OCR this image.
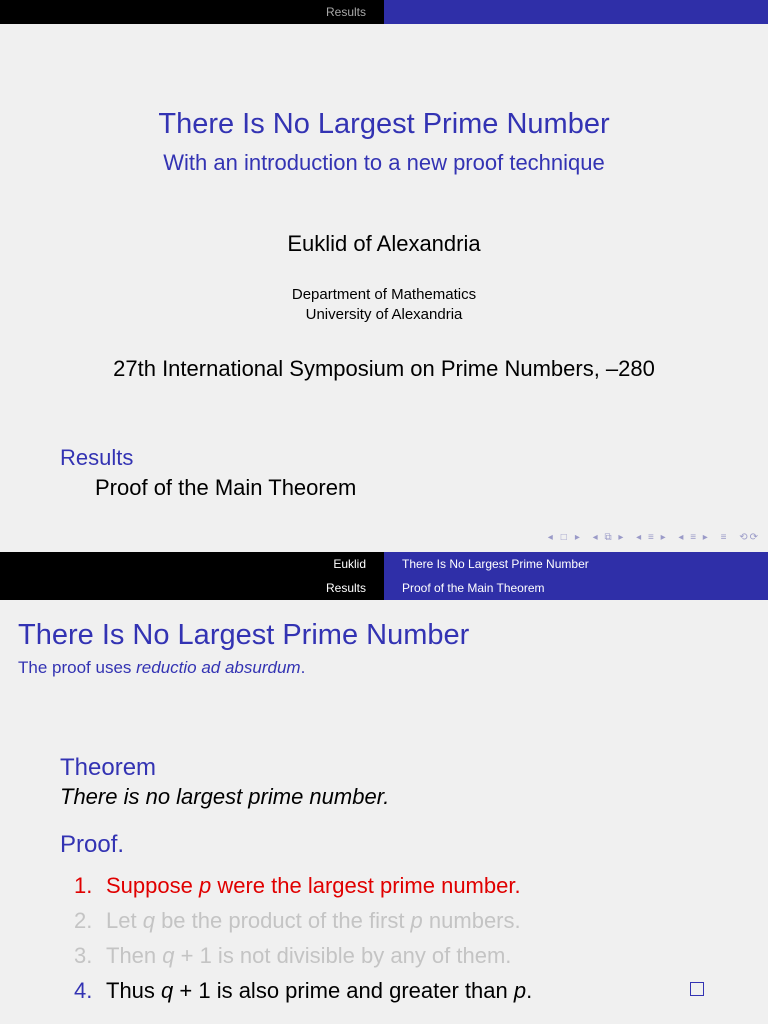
Results
There Is No Largest Prime Number
With an introduction to a new proof technique
Euklid of Alexandria
Department of Mathematics
University of Alexandria
27th International Symposium on Prime Numbers, –280
Results
Proof of the Main Theorem
◂ □ ▸ ◂ ⧉ ▸ ◂ ≡ ▸ ◂ ≡ ▸ ≡ ⟲⟳
Euklid
Results
There Is No Largest Prime Number
Proof of the Main Theorem
There Is No Largest Prime Number
The proof uses reductio ad absurdum.
Theorem
There is no largest prime number.
Proof.
1. Suppose p were the largest prime number.
2. Let q be the product of the first p numbers.
3. Then q + 1 is not divisible by any of them.
4. Thus q + 1 is also prime and greater than p.
